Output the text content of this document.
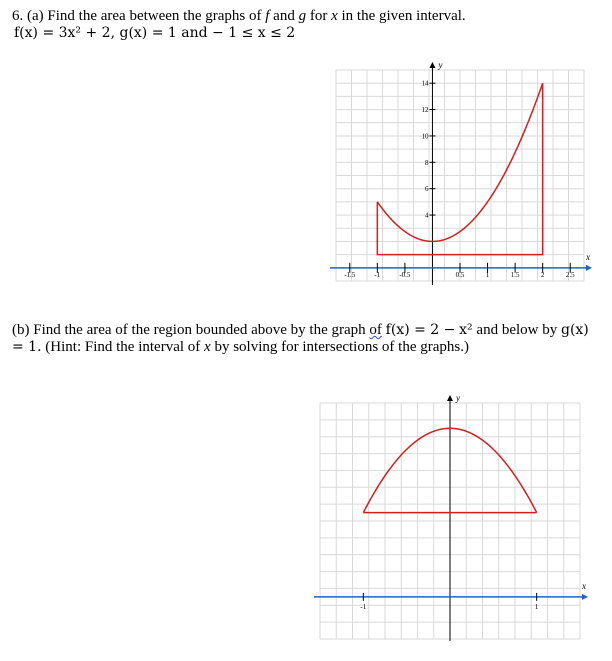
6. (a) Find the area between the graphs of f and g for x in the given interval.
f(x) = 3x² + 2, g(x) = 1 and − 1 ≤ x ≤ 2
x
y
-1.5	-1	-0.5	0.5	1	1.5	2	2.5
4
6
8
10
12
14
(b) Find the area of the region bounded above by the graph of f(x) = 2 − x² and below by g(x) = 1. (Hint: Find the interval of x by solving for intersections of the graphs.)
x
y
-1	1
